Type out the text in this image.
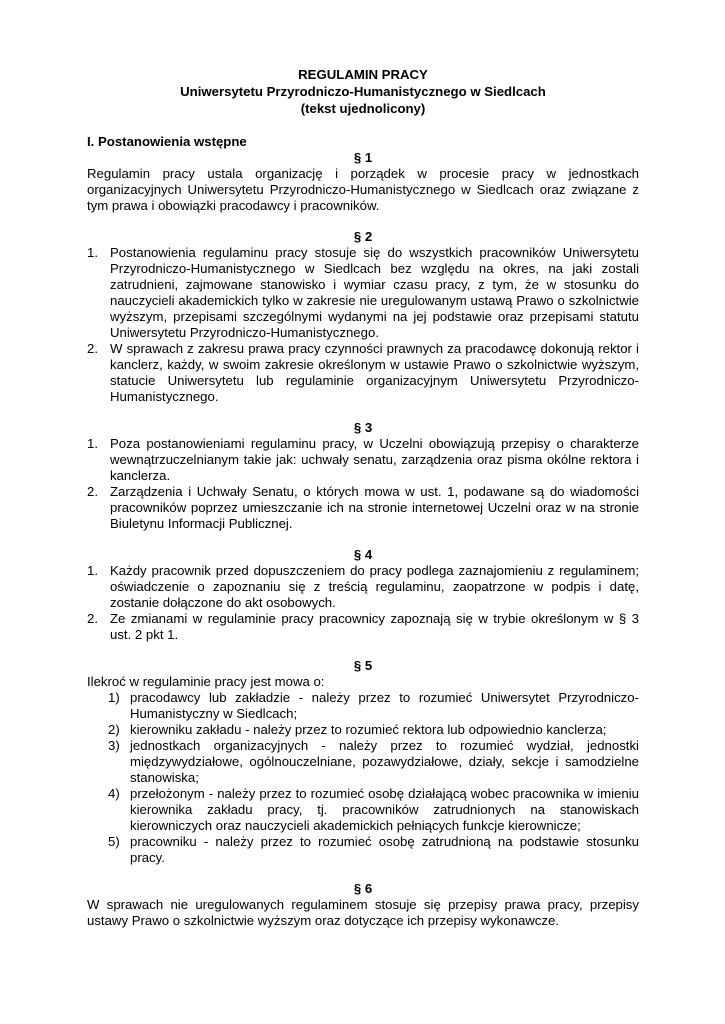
REGULAMIN PRACY
Uniwersytetu Przyrodniczo-Humanistycznego w Siedlcach
(tekst ujednolicony)
I. Postanowienia wstępne
§ 1
Regulamin pracy ustala organizację i porządek w procesie pracy w jednostkach organizacyjnych Uniwersytetu Przyrodniczo-Humanistycznego w Siedlcach oraz związane z tym prawa i obowiązki pracodawcy i pracowników.
§ 2
1. Postanowienia regulaminu pracy stosuje się do wszystkich pracowników Uniwersytetu Przyrodniczo-Humanistycznego w Siedlcach bez względu na okres, na jaki zostali zatrudnieni, zajmowane stanowisko i wymiar czasu pracy, z tym, że w stosunku do nauczycieli akademickich tylko w zakresie nie uregulowanym ustawą Prawo o szkolnictwie wyższym, przepisami szczególnymi wydanymi na jej podstawie oraz przepisami statutu Uniwersytetu Przyrodniczo-Humanistycznego.
2. W sprawach z zakresu prawa pracy czynności prawnych za pracodawcę dokonują rektor i kanclerz, każdy, w swoim zakresie określonym w ustawie Prawo o szkolnictwie wyższym, statucie Uniwersytetu lub regulaminie organizacyjnym Uniwersytetu Przyrodniczo-Humanistycznego.
§ 3
1. Poza postanowieniami regulaminu pracy, w Uczelni obowiązują przepisy o charakterze wewnątrzuczelnianym takie jak: uchwały senatu, zarządzenia oraz pisma okólne rektora i kanclerza.
2. Zarządzenia i Uchwały Senatu, o których mowa w ust. 1, podawane są do wiadomości pracowników poprzez umieszczanie ich na stronie internetowej Uczelni oraz w na stronie Biuletynu Informacji Publicznej.
§ 4
1. Każdy pracownik przed dopuszczeniem do pracy podlega zaznajomieniu z regulaminem; oświadczenie o zapoznaniu się z treścią regulaminu, zaopatrzone w podpis i datę, zostanie dołączone do akt osobowych.
2. Ze zmianami w regulaminie pracy pracownicy zapoznają się w trybie określonym w § 3 ust. 2 pkt 1.
§ 5
Ilekroć w regulaminie pracy jest mowa o:
1) pracodawcy lub zakładzie - należy przez to rozumieć Uniwersytet Przyrodniczo-Humanistyczny w Siedlcach;
2) kierowniku zakładu - należy przez to rozumieć rektora lub odpowiednio kanclerza;
3) jednostkach organizacyjnych - należy przez to rozumieć wydział, jednostki międzywydziałowe, ogólnouczelniane, pozawydziałowe, działy, sekcje i samodzielne stanowiska;
4) przełożonym - należy przez to rozumieć osobę działającą wobec pracownika w imieniu kierownika zakładu pracy, tj. pracowników zatrudnionych na stanowiskach kierowniczych oraz nauczycieli akademickich pełniących funkcje kierownicze;
5) pracowniku - należy przez to rozumieć osobę zatrudnioną na podstawie stosunku pracy.
§ 6
W sprawach nie uregulowanych regulaminem stosuje się przepisy prawa pracy, przepisy ustawy Prawo o szkolnictwie wyższym oraz dotyczące ich przepisy wykonawcze.
